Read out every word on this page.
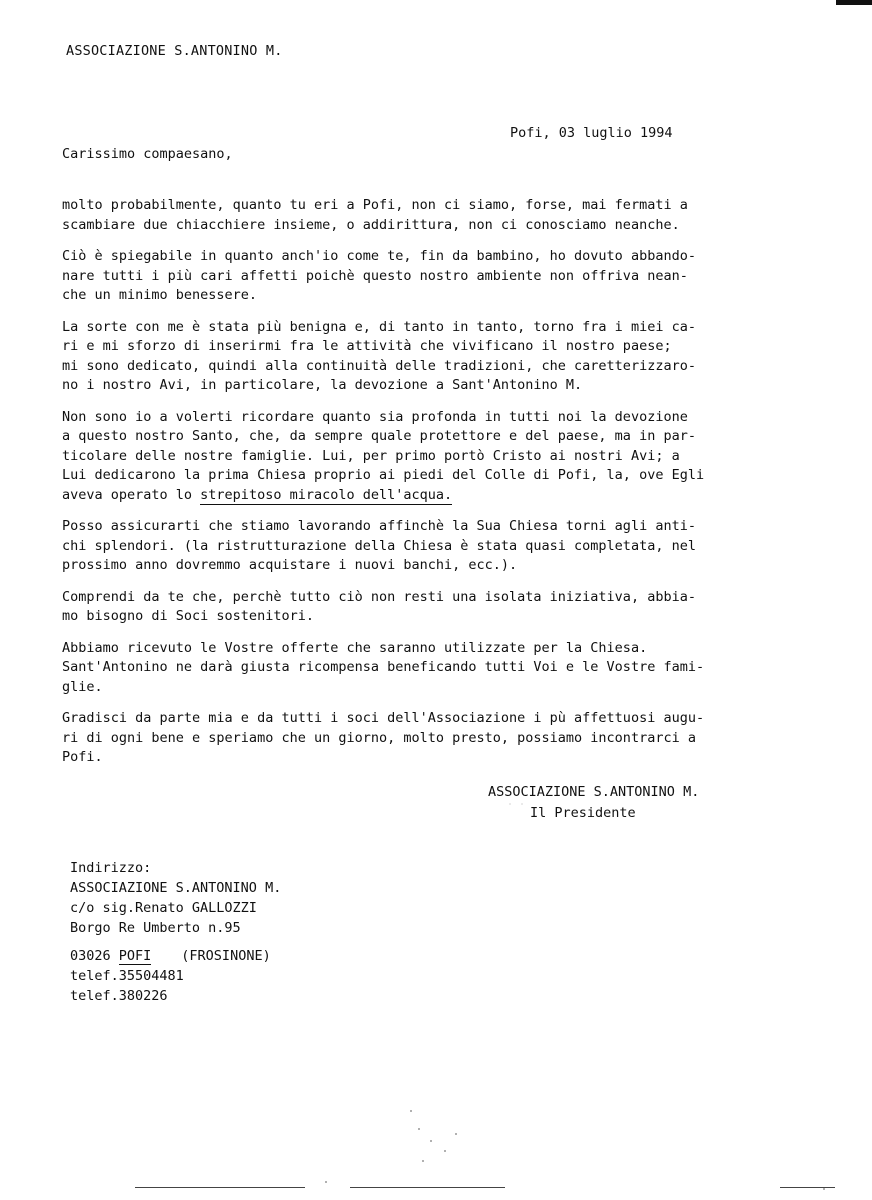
ASSOCIAZIONE S.ANTONINO M.
Pofi, 03 luglio 1994
Carissimo compaesano,

molto probabilmente, quanto tu eri a Pofi, non ci siamo, forse, mai fermati a
scambiare due chiacchiere insieme, o addirittura, non ci conosciamo neanche.

Ciò è spiegabile in quanto anch'io come te, fin da bambino, ho dovuto abbando-
nare tutti i più cari affetti poichè questo nostro ambiente non offriva nean-
che un minimo benessere.

La sorte con me è stata più benigna e, di tanto in tanto, torno fra i miei ca-
ri e mi sforzo di inserirmi fra le attività che vivificano il nostro paese;
mi sono dedicato, quindi alla continuità delle tradizioni, che caretterizzaro-
no i nostro Avi, in particolare, la devozione a Sant'Antonino M.

Non sono io a volerti ricordare quanto sia profonda in tutti noi la devozione
a questo nostro Santo, che, da sempre quale protettore e del paese, ma in par-
ticolare delle nostre famiglie. Lui, per primo portò Cristo ai nostri Avi; a
Lui dedicarono la prima Chiesa proprio ai piedi del Colle di Pofi, la, ove Egli
aveva operato lo strepitoso miracolo dell'acqua.

Posso assicurarti che stiamo lavorando affinchè la Sua Chiesa torni agli anti-
chi splendori. (la ristrutturazione della Chiesa è stata quasi completata, nel
prossimo anno dovremmo acquistare i nuovi banchi, ecc.).

Comprendi da te che, perchè tutto ciò non resti una isolata iniziativa, abbia-
mo bisogno di Soci sostenitori.

Abbiamo ricevuto le Vostre offerte che saranno utilizzate per la Chiesa.
Sant'Antonino ne darà giusta ricompensa beneficando tutti Voi e le Vostre fami-
glie.

Gradisci da parte mia e da tutti i soci dell'Associazione i pù affettuosi augu-
ri di ogni bene e speriamo che un giorno, molto presto, possiamo incontrarci a
Pofi.

ASSOCIAZIONE S.ANTONINO M.
Il Presidente
˙ ˙
Indirizzo:
ASSOCIAZIONE S.ANTONINO M.
c/o sig.Renato GALLOZZI
Borgo Re Umberto n.95
03026 POFI (FROSINONE)
telef.35504481
telef.380226
